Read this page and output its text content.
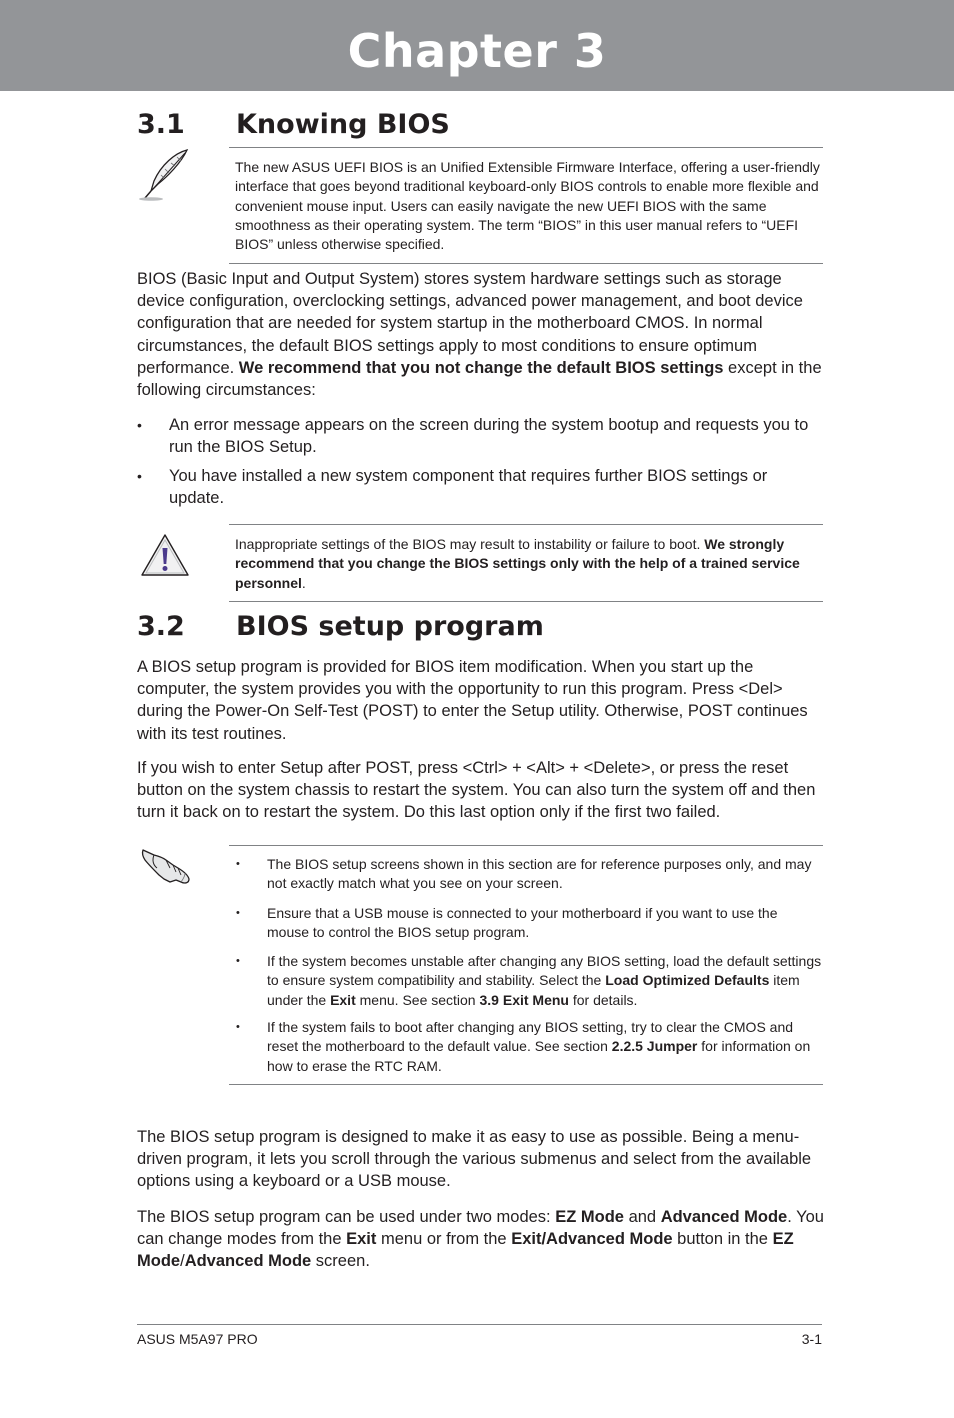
Chapter 3
3.1 Knowing BIOS

The new ASUS UEFI BIOS is an Unified Extensible Firmware Interface, offering a user-friendly interface that goes beyond traditional keyboard-only BIOS controls to enable more flexible and convenient mouse input. Users can easily navigate the new UEFI BIOS with the same smoothness as their operating system. The term “BIOS” in this user manual refers to “UEFI BIOS” unless otherwise specified.

BIOS (Basic Input and Output System) stores system hardware settings such as storage device configuration, overclocking settings, advanced power management, and boot device configuration that are needed for system startup in the motherboard CMOS. In normal circumstances, the default BIOS settings apply to most conditions to ensure optimum performance. We recommend that you not change the default BIOS settings except in the following circumstances:

• An error message appears on the screen during the system bootup and requests you to run the BIOS Setup.

• You have installed a new system component that requires further BIOS settings or update.

Inappropriate settings of the BIOS may result to instability or failure to boot. We strongly recommend that you change the BIOS settings only with the help of a trained service personnel.

3.2 BIOS setup program

A BIOS setup program is provided for BIOS item modification. When you start up the computer, the system provides you with the opportunity to run this program. Press <Del> during the Power-On Self-Test (POST) to enter the Setup utility. Otherwise, POST continues with its test routines.

If you wish to enter Setup after POST, press <Ctrl> + <Alt> + <Delete>, or press the reset button on the system chassis to restart the system. You can also turn the system off and then turn it back on to restart the system. Do this last option only if the first two failed.

• The BIOS setup screens shown in this section are for reference purposes only, and may not exactly match what you see on your screen.

• Ensure that a USB mouse is connected to your motherboard if you want to use the mouse to control the BIOS setup program.

• If the system becomes unstable after changing any BIOS setting, load the default settings to ensure system compatibility and stability. Select the Load Optimized Defaults item under the Exit menu. See section 3.9 Exit Menu for details.

• If the system fails to boot after changing any BIOS setting, try to clear the CMOS and reset the motherboard to the default value. See section 2.2.5 Jumper for information on how to erase the RTC RAM.

The BIOS setup program is designed to make it as easy to use as possible. Being a menu-driven program, it lets you scroll through the various submenus and select from the available options using a keyboard or a USB mouse.

The BIOS setup program can be used under two modes: EZ Mode and Advanced Mode. You can change modes from the Exit menu or from the Exit/Advanced Mode button in the EZ Mode/Advanced Mode screen.

ASUS M5A97 PRO	3-1
